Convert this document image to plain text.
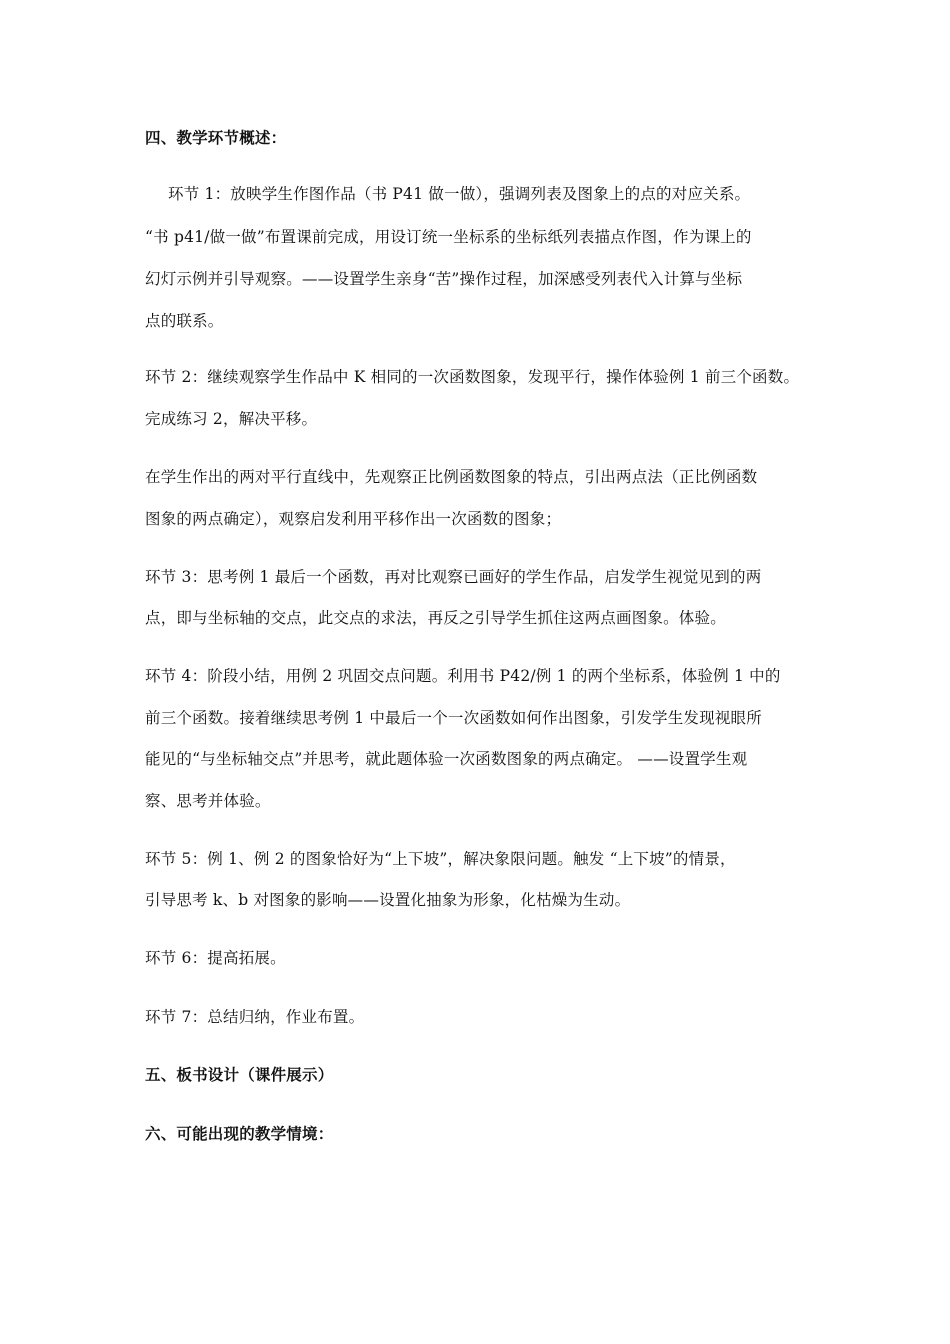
四、教学环节概述：
环节 1：放映学生作图作品（书 P41 做一做），强调列表及图象上的点的对应关系。
“书 p41/做一做”布置课前完成，用设订统一坐标系的坐标纸列表描点作图，作为课上的
幻灯示例并引导观察。——设置学生亲身“苦”操作过程，加深感受列表代入计算与坐标
点的联系。
环节 2：继续观察学生作品中 K 相同的一次函数图象，发现平行，操作体验例 1 前三个函数。
完成练习 2，解决平移。
在学生作出的两对平行直线中，先观察正比例函数图象的特点，引出两点法（正比例函数
图象的两点确定），观察启发利用平移作出一次函数的图象；
环节 3：思考例 1 最后一个函数，再对比观察已画好的学生作品，启发学生视觉见到的两
点，即与坐标轴的交点，此交点的求法，再反之引导学生抓住这两点画图象。体验。
环节 4：阶段小结，用例 2 巩固交点问题。利用书 P42/例 1 的两个坐标系，体验例 1 中的
前三个函数。接着继续思考例 1 中最后一个一次函数如何作出图象，引发学生发现视眼所
能见的“与坐标轴交点”并思考，就此题体验一次函数图象的两点确定。 ——设置学生观
察、思考并体验。
环节 5：例 1、例 2 的图象恰好为“上下坡”，解决象限问题。触发 “上下坡”的情景，
引导思考 k、b 对图象的影响——设置化抽象为形象，化枯燥为生动。
环节 6：提高拓展。
环节 7：总结归纳，作业布置。
五、板书设计（课件展示）
六、可能出现的教学情境：
